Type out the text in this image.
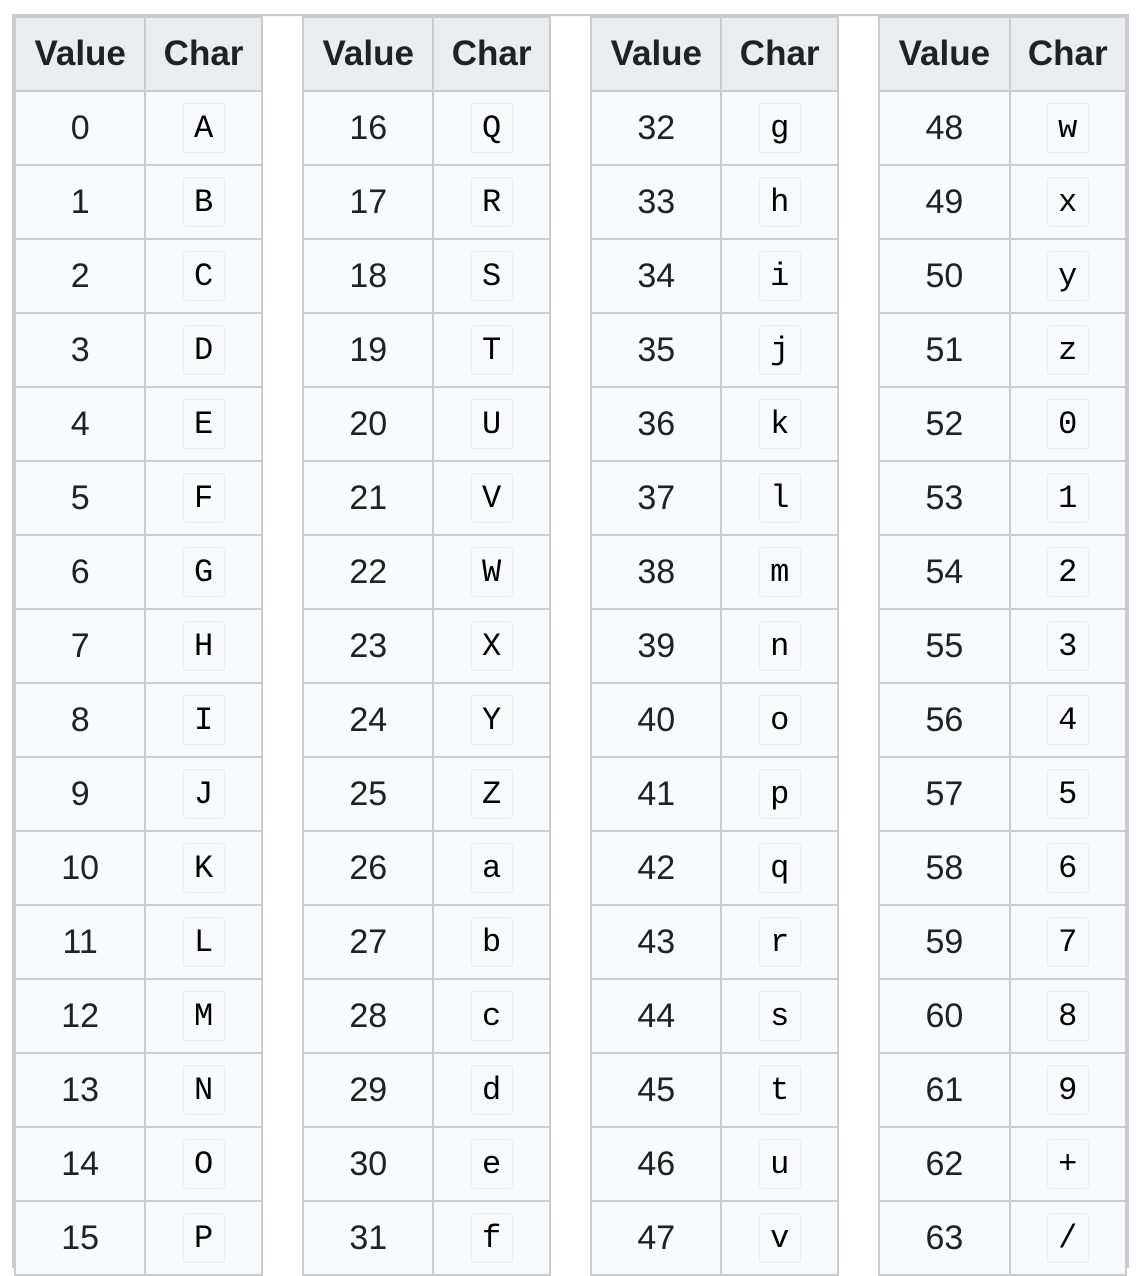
Value	Char		Value	Char		Value	Char		Value	Char
0	A		16	Q		32	g		48	w
1	B		17	R		33	h		49	x
2	C		18	S		34	i		50	y
3	D		19	T		35	j		51	z
4	E		20	U		36	k		52	0
5	F		21	V		37	l		53	1
6	G		22	W		38	m		54	2
7	H		23	X		39	n		55	3
8	I		24	Y		40	o		56	4
9	J		25	Z		41	p		57	5
10	K		26	a		42	q		58	6
11	L		27	b		43	r		59	7
12	M		28	c		44	s		60	8
13	N		29	d		45	t		61	9
14	O		30	e		46	u		62	+
15	P		31	f		47	v		63	/
